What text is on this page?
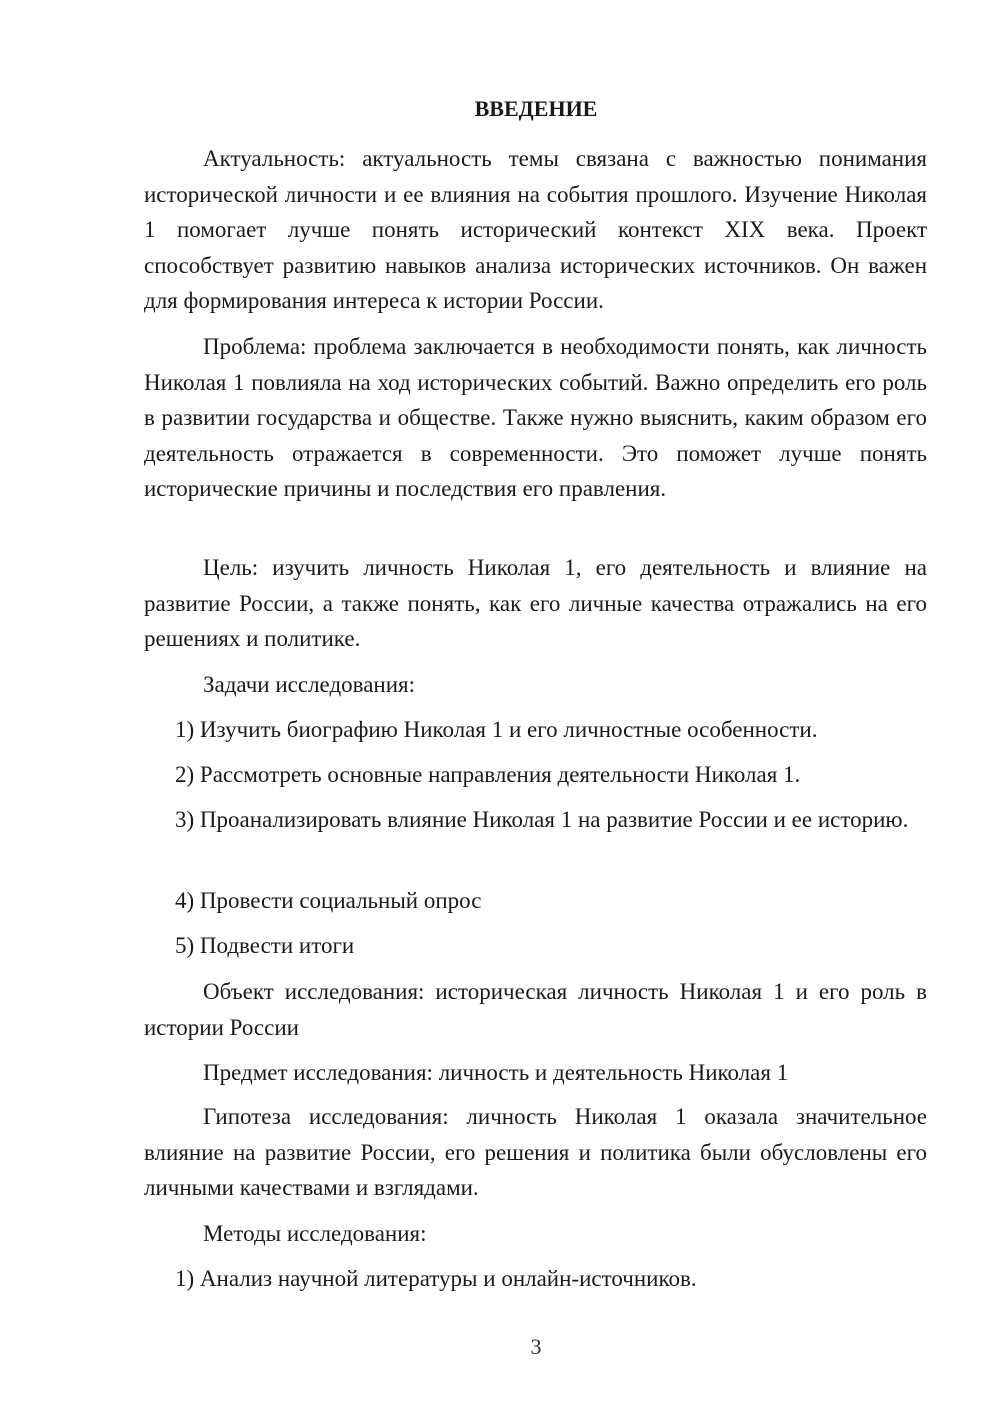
ВВЕДЕНИЕ

Актуальность: актуальность темы связана с важностью понимания исторической личности и ее влияния на события прошлого. Изучение Николая 1 помогает лучше понять исторический контекст XIX века. Проект способствует развитию навыков анализа исторических источников. Он важен для формирования интереса к истории России.

Проблема: проблема заключается в необходимости понять, как личность Николая 1 повлияла на ход исторических событий. Важно определить его роль в развитии государства и обществе. Также нужно выяснить, каким образом его деятельность отражается в современности. Это поможет лучше понять исторические причины и последствия его правления.

Цель: изучить личность Николая 1, его деятельность и влияние на развитие России, а также понять, как его личные качества отражались на его решениях и политике.

Задачи исследования:

1) Изучить биографию Николая 1 и его личностные особенности.

2) Рассмотреть основные направления деятельности Николая 1.

3) Проанализировать влияние Николая 1 на развитие России и ее историю.

4) Провести социальный опрос

5) Подвести итоги

Объект исследования: историческая личность Николая 1 и его роль в истории России

Предмет исследования: личность и деятельность Николая 1

Гипотеза исследования: личность Николая 1 оказала значительное влияние на развитие России, его решения и политика были обусловлены его личными качествами и взглядами.

Методы исследования:

1) Анализ научной литературы и онлайн-источников.

3
